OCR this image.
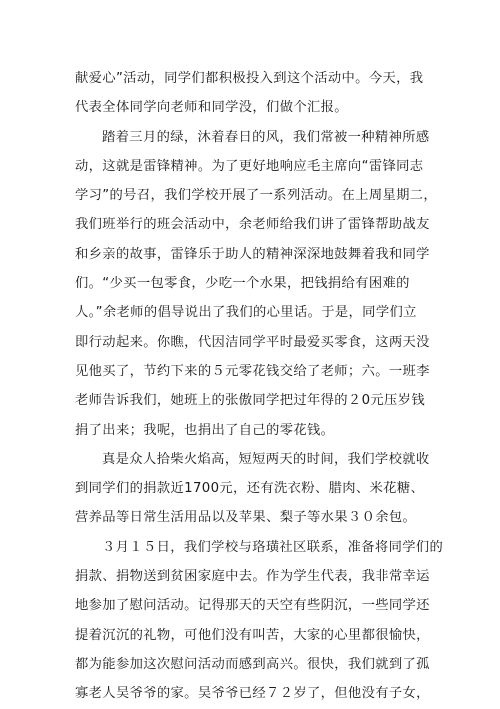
献爱心”活动，同学们都积极投入到这个活动中。今天，我
代表全体同学向老师和同学没，们做个汇报。
踏着三月的绿，沐着春日的风，我们常被一种精神所感
动，这就是雷锋精神。为了更好地响应毛主席向“雷锋同志
学习”的号召，我们学校开展了一系列活动。在上周星期二，
我们班举行的班会活动中，余老师给我们讲了雷锋帮助战友
和乡亲的故事，雷锋乐于助人的精神深深地鼓舞着我和同学
们。“少买一包零食，少吃一个水果，把钱捐给有困难的
人。”余老师的倡导说出了我们的心里话。于是，同学们立
即行动起来。你瞧，代因洁同学平时最爱买零食，这两天没
见他买了，节约下来的５元零花钱交给了老师；六。一班李
老师告诉我们，她班上的张傲同学把过年得的２0元压岁钱
捐了出来；我呢，也捐出了自己的零花钱。
真是众人拾柴火焰高，短短两天的时间，我们学校就收
到同学们的捐款近1700元，还有洗衣粉、腊肉、米花糖、
营养品等日常生活用品以及苹果、梨子等水果３０余包。
３月１５日，我们学校与珞璜社区联系，准备将同学们的
捐款、捐物送到贫困家庭中去。作为学生代表，我非常幸运
地参加了慰问活动。记得那天的天空有些阴沉，一些同学还
提着沉沉的礼物，可他们没有叫苦，大家的心里都很愉快，
都为能参加这次慰问活动而感到高兴。很快，我们就到了孤
寡老人吴爷爷的家。吴爷爷已经７２岁了，但他没有子女，
